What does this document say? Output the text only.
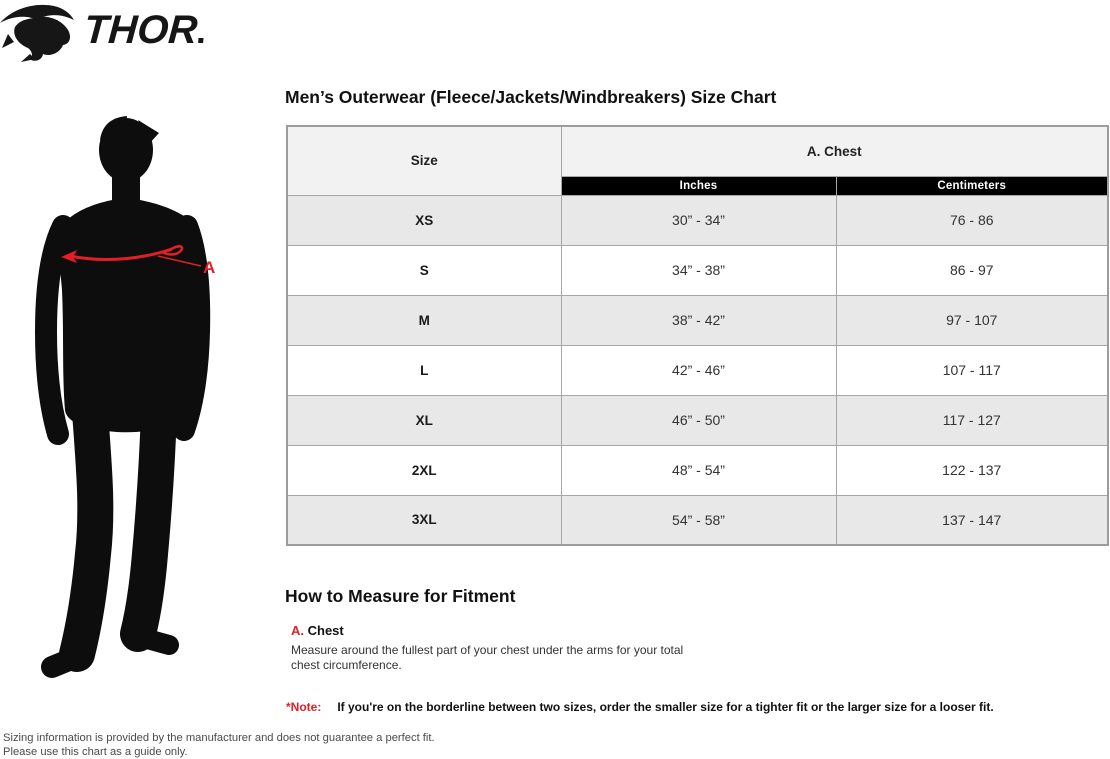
THOR
A
Men’s Outerwear (Fleece/Jackets/Windbreakers) Size Chart
Size	A. Chest	
	Inches	Centimeters
XS	30” - 34”	76 - 86
S	34” - 38”	86 - 97
M	38” - 42”	97 - 107
L	42” - 46”	107 - 117
XL	46” - 50”	117 - 127
2XL	48” - 54”	122 - 137
3XL	54” - 58”	137 - 147
How to Measure for Fitment
A. Chest

Measure around the fullest part of your chest under the arms for your total chest circumference.

*Note: If you're on the borderline between two sizes, order the smaller size for a tighter fit or the larger size for a looser fit.
Sizing information is provided by the manufacturer and does not guarantee a perfect fit.
Please use this chart as a guide only.
